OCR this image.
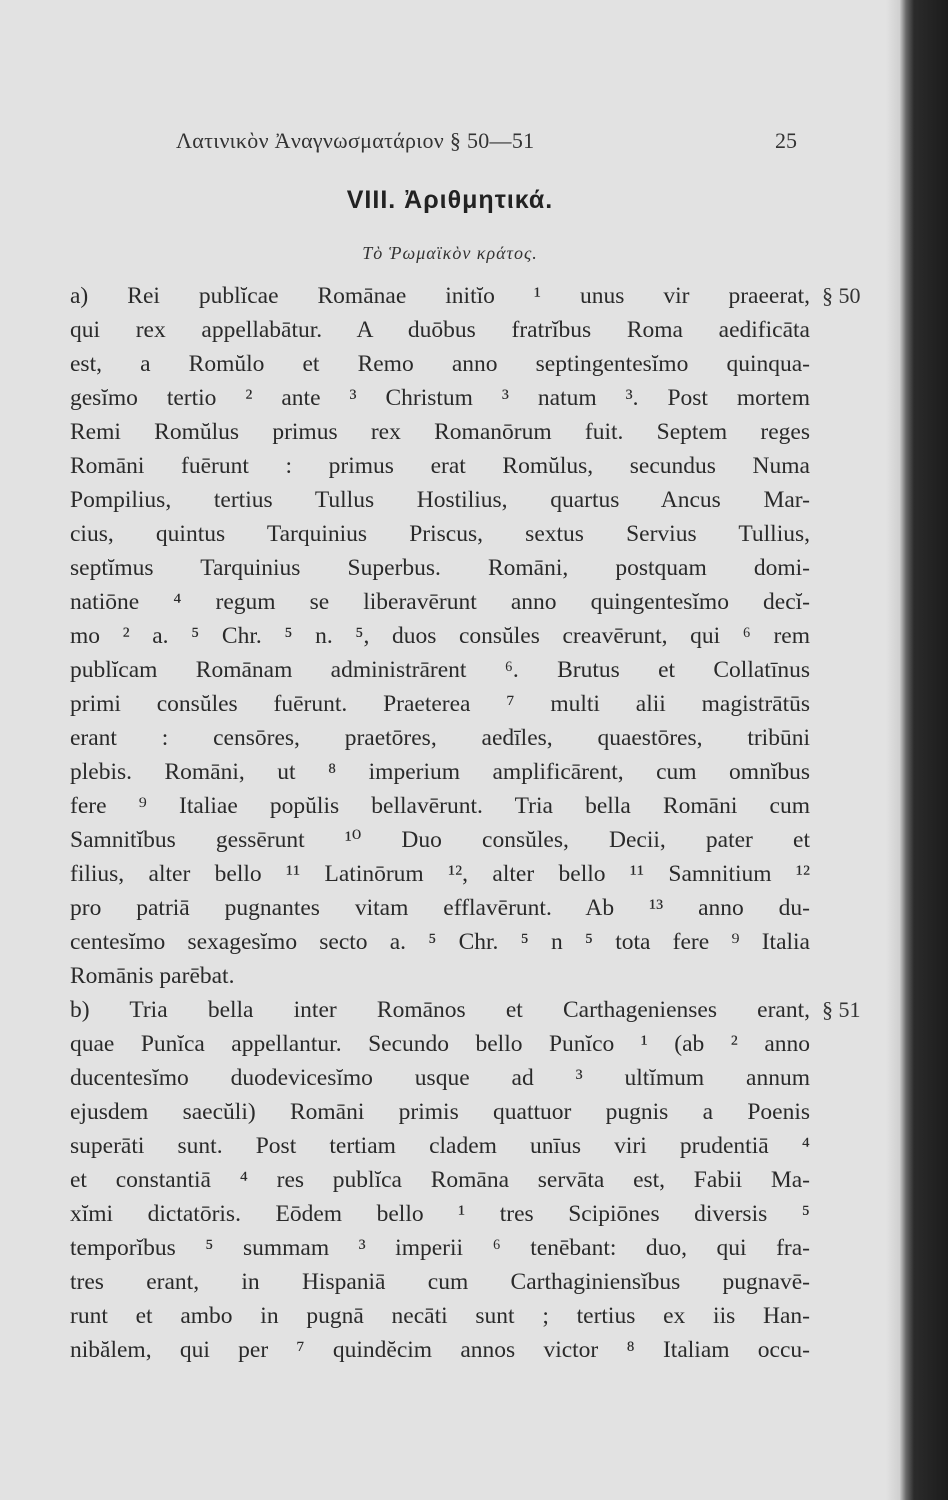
Λατινικὸν Ἀναγνωσματάριον § 50—51	25
VIII. Ἀριθμητικά.
Τὸ Ῥωμαϊκὸν κράτος.
§ 50
§ 51
a) Rei publĭcae Romānae initĭo ¹ unus vir praeerat,
qui rex appellabātur. A duōbus fratrĭbus Roma aedificāta
est, a Romŭlo et Remo anno septingentesĭmo quinqua-
gesĭmo tertio ² ante ³ Christum ³ natum ³. Post mortem
Remi Romŭlus primus rex Romanōrum fuit. Septem reges
Romāni fuērunt : primus erat Romŭlus, secundus Numa
Pompilius, tertius Tullus Hostilius, quartus Ancus Mar-
cius, quintus Tarquinius Priscus, sextus Servius Tullius,
septĭmus Tarquinius Superbus. Romāni, postquam domi-
natiōne ⁴ regum se liberavērunt anno quingentesĭmo decĭ-
mo ² a. ⁵ Chr. ⁵ n. ⁵, duos consŭles creavērunt, qui ⁶ rem
publĭcam Romānam administrārent ⁶. Brutus et Collatīnus
primi consŭles fuērunt. Praeterea ⁷ multi alii magistrātūs
erant : censōres, praetōres, aedīles, quaestōres, tribūni
plebis. Romāni, ut ⁸ imperium amplificārent, cum omnĭbus
fere ⁹ Italiae popŭlis bellavērunt. Tria bella Romāni cum
Samnitĭbus gessērunt ¹⁰ Duo consŭles, Decii, pater et
filius, alter bello ¹¹ Latinōrum ¹², alter bello ¹¹ Samnitium ¹²
pro patriā pugnantes vitam efflavērunt. Ab ¹³ anno du-
centesĭmo sexagesĭmo secto a. ⁵ Chr. ⁵ n ⁵ tota fere ⁹ Italia
Romānis parēbat.
b) Tria bella inter Romānos et Carthagenienses erant,
quae Punĭca appellantur. Secundo bello Punĭco ¹ (ab ² anno
ducentesĭmo duodevicesĭmo usque ad ³ ultĭmum annum
ejusdem saecŭli) Romāni primis quattuor pugnis a Poenis
superāti sunt. Post tertiam cladem unīus viri prudentiā ⁴
et constantiā ⁴ res publĭca Romāna servāta est, Fabii Ma-
xĭmi dictatōris. Eōdem bello ¹ tres Scipiōnes diversis ⁵
temporĭbus ⁵ summam ³ imperii ⁶ tenēbant: duo, qui fra-
tres erant, in Hispaniā cum Carthaginiensĭbus pugnavē-
runt et ambo in pugnā necāti sunt ; tertius ex iis Han-
nibălem, qui per ⁷ quindĕcim annos victor ⁸ Italiam occu-
